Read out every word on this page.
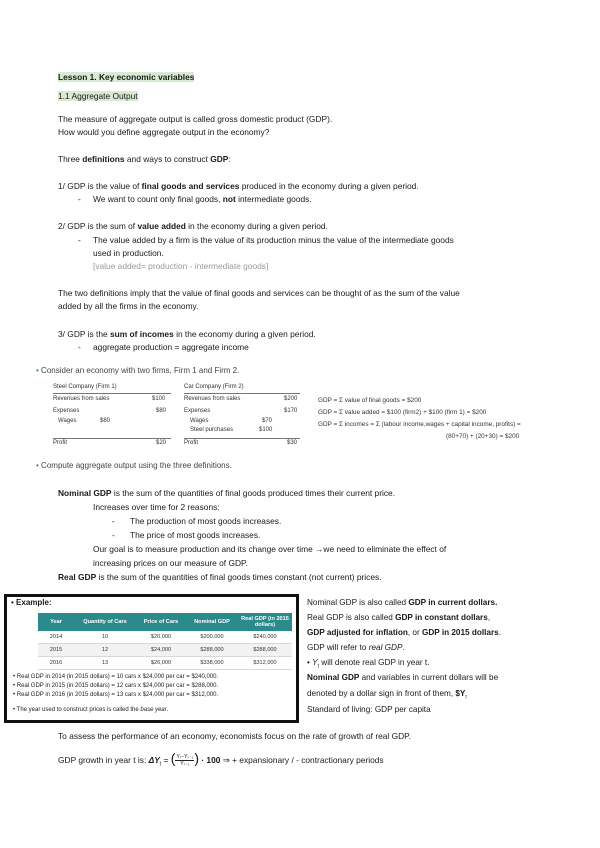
Lesson 1. Key economic variables
1.1 Aggregate Output
The measure of aggregate output is called gross domestic product (GDP).
How would you define aggregate output in the economy?
Three definitions and ways to construct GDP:
1/ GDP is the value of final goods and services produced in the economy during a given period.
- We want to count only final goods, not intermediate goods.
2/ GDP is the sum of value added in the economy during a given period.
- The value added by a firm is the value of its production minus the value of the intermediate goods
used in production.
[value added= production - intermediate goods]
The two definitions imply that the value of final goods and services can be thought of as the sum of the value
added by all the firms in the economy.
3/ GDP is the sum of incomes in the economy during a given period.
- aggregate production = aggregate income
• Consider an economy with two firms, Firm 1 and Firm 2.
Steel Company (Firm 1)
Revenues from sales	$100
Expenses	$80
Wages	$80
Profit	$20
Car Company (Firm 2)
Revenues from sales	$200
Expenses	$170
Wages	$70
Steel purchases	$100
Profit	$30
GDP = Σ value of final goods = $200
GDP = Σ value added = $100 (firm2) + $100 (firm 1) = $200
GDP = Σ incomes = Σ (labour income,wages + capital income, profits) =
(80+70) + (20+30) = $200
• Compute aggregate output using the three definitions.
Nominal GDP is the sum of the quantities of final goods produced times their current price.
Increases over time for 2 reasons:
- The production of most goods increases.
- The price of most goods increases.
Our goal is to measure production and its change over time →we need to eliminate the effect of
increasing prices on our measure of GDP.
Real GDP is the sum of the quantities of final goods times constant (not current) prices.
• Example:
Year	Quantity of Cars	Price of Cars	Nominal GDP	Real GDP (in 2015 dollars)
2014	10	$20,000	$200,000	$240,000
2015	12	$24,000	$288,000	$288,000
2016	13	$26,000	$338,000	$312,000
• Real GDP in 2014 (in 2015 dollars) = 10 cars x $24,000 per car = $240,000.
• Real GDP in 2015 (in 2015 dollars) = 12 cars x $24,000 per car = $288,000.
• Real GDP in 2016 (in 2015 dollars) = 13 cars x $24,000 per car = $312,000.
• The year used to construct prices is called the base year.
Nominal GDP is also called GDP in current dollars.
Real GDP is also called GDP in constant dollars,
GDP adjusted for inflation, or GDP in 2015 dollars.
GDP will refer to real GDP.
• $Y_t$ will denote real GDP in year t.
Nominal GDP and variables in current dollars will be
denoted by a dollar sign in front of them, $\$Y_t$
Standard of living: GDP per capita
To assess the performance of an economy, economists focus on the rate of growth of real GDP.
GDP growth in year t is: $\Delta Y_t$ = ( $\frac{\text{Yₜ−Yₜ₋₁}}{\text{Yₜ₋₁}}) \cdot 100$ ⇒ + expansionary / - contractionary periods
